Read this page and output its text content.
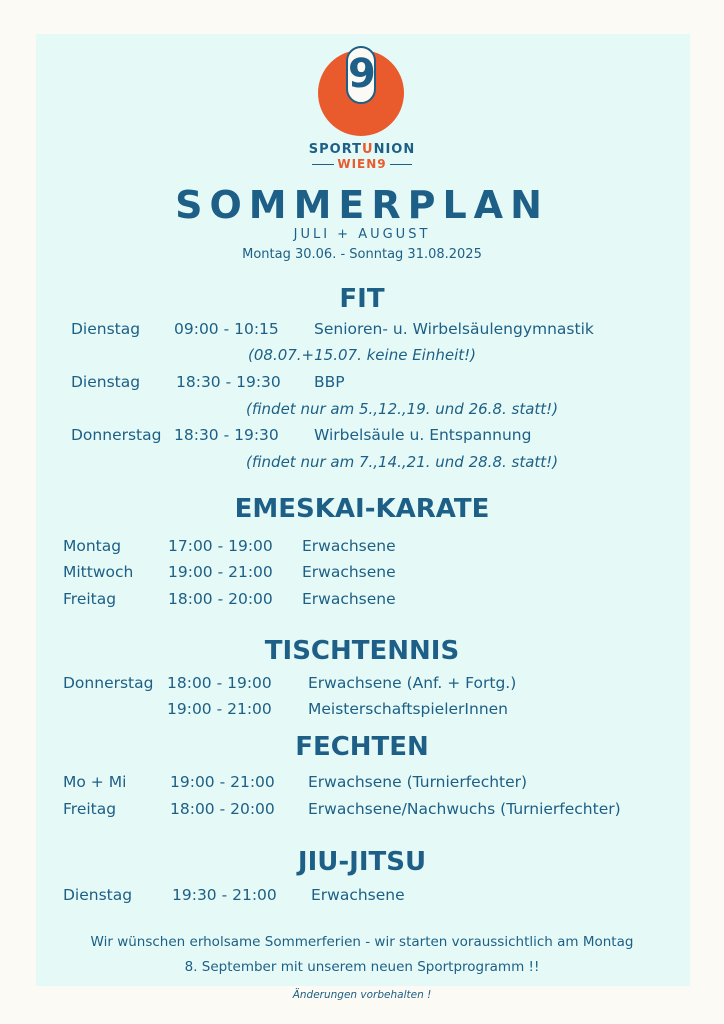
9
SPORTUNION
WIEN9
SOMMERPLAN
JULI + AUGUST
Montag 30.06. - Sonntag 31.08.2025
FIT
Dienstag 09:00 - 10:15 Senioren- u. Wirbelsäulengymnastik
(08.07.+15.07. keine Einheit!)
Dienstag 18:30 - 19:30 BBP
(findet nur am 5.,12.,19. und 26.8. statt!)
Donnerstag 18:30 - 19:30 Wirbelsäule u. Entspannung
(findet nur am 7.,14.,21. und 28.8. statt!)
EMESKAI-KARATE
Montag	17:00 - 19:00 Erwachsene
Mittwoch 19:00 - 21:00 Erwachsene
Freitag	18:00 - 20:00 Erwachsene
TISCHTENNIS
Donnerstag 18:00 - 19:00 Erwachsene (Anf. + Fortg.)
19:00 - 21:00 MeisterschaftspielerInnen
FECHTEN
Mo + Mi	19:00 - 21:00 Erwachsene (Turnierfechter)
Freitag	18:00 - 20:00 Erwachsene/Nachwuchs (Turnierfechter)
JIU-JITSU
Dienstag	19:30 - 21:00 Erwachsene
Wir wünschen erholsame Sommerferien - wir starten voraussichtlich am Montag
8. September mit unserem neuen Sportprogramm !!
Änderungen vorbehalten !
